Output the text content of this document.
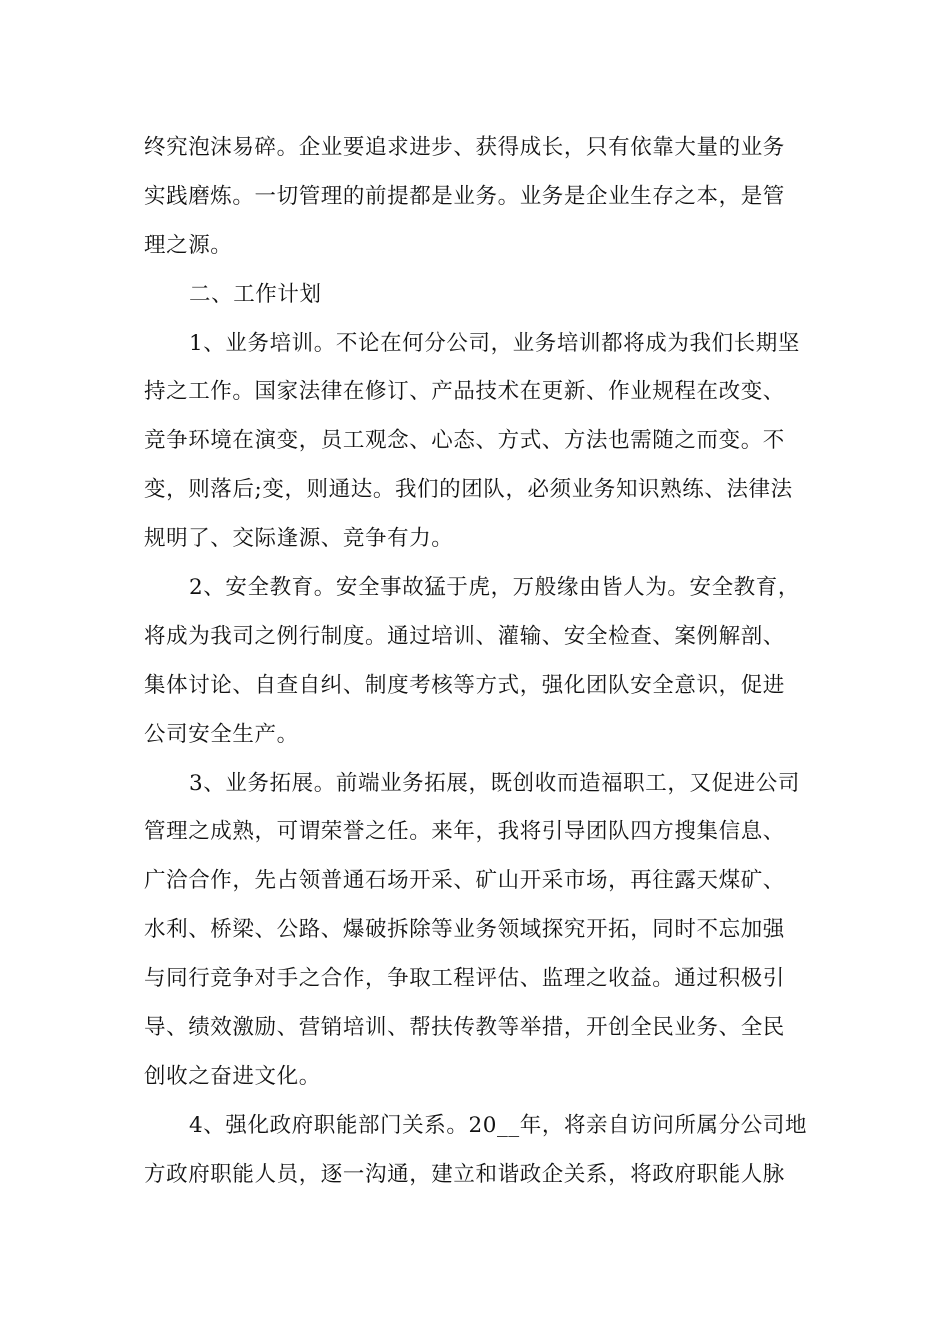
终究泡沫易碎。企业要追求进步、获得成长，只有依靠大量的业务
实践磨炼。一切管理的前提都是业务。业务是企业生存之本，是管
理之源。
二、工作计划
1、业务培训。不论在何分公司，业务培训都将成为我们长期坚
持之工作。国家法律在修订、产品技术在更新、作业规程在改变、
竞争环境在演变，员工观念、心态、方式、方法也需随之而变。不
变，则落后;变，则通达。我们的团队，必须业务知识熟练、法律法
规明了、交际逢源、竞争有力。
2、安全教育。安全事故猛于虎，万般缘由皆人为。安全教育，
将成为我司之例行制度。通过培训、灌输、安全检查、案例解剖、
集体讨论、自查自纠、制度考核等方式，强化团队安全意识，促进
公司安全生产。
3、业务拓展。前端业务拓展，既创收而造福职工，又促进公司
管理之成熟，可谓荣誉之任。来年，我将引导团队四方搜集信息、
广洽合作，先占领普通石场开采、矿山开采市场，再往露天煤矿、
水利、桥梁、公路、爆破拆除等业务领域探究开拓，同时不忘加强
与同行竞争对手之合作，争取工程评估、监理之收益。通过积极引
导、绩效激励、营销培训、帮扶传教等举措，开创全民业务、全民
创收之奋进文化。
4、强化政府职能部门关系。20__年，将亲自访问所属分公司地
方政府职能人员，逐一沟通，建立和谐政企关系，将政府职能人脉
